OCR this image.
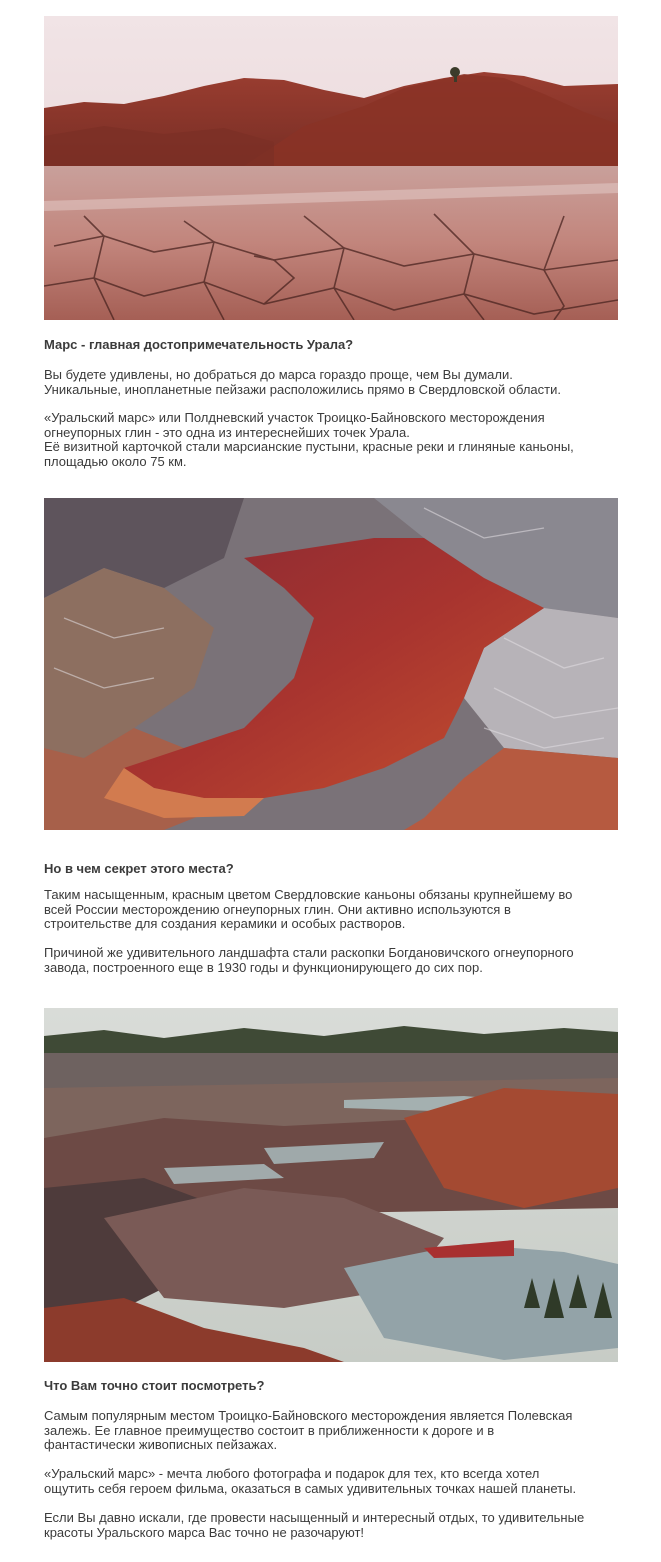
Марс - главная достопримечательность Урала?

Вы будете удивлены, но добраться до марса гораздо проще, чем Вы думали.
Уникальные, инопланетные пейзажи расположились прямо в Свердловской области.

«Уральский марс» или Полдневский участок Троицко-Байновского месторождения
огнеупорных глин - это одна из интереснейших точек Урала.
Её визитной карточкой стали марсианские пустыни, красные реки и глиняные каньоны,
площадью около 75 км.

Но в чем секрет этого места?

Таким насыщенным, красным цветом Свердловские каньоны обязаны крупнейшему во
всей России месторождению огнеупорных глин. Они активно используются в
строительстве для создания керамики и особых растворов.

Причиной же удивительного ландшафта стали раскопки Богдановичского огнеупорного
завода, построенного еще в 1930 годы и функционирующего до сих пор.

Что Вам точно стоит посмотреть?

Самым популярным местом Троицко-Байновского месторождения является Полевская
залежь. Ее главное преимущество состоит в приближенности к дороге и в
фантастически живописных пейзажах.

«Уральский марс» - мечта любого фотографа и подарок для тех, кто всегда хотел
ощутить себя героем фильма, оказаться в самых удивительных точках нашей планеты.

Если Вы давно искали, где провести насыщенный и интересный отдых, то удивительные
красоты Уральского марса Вас точно не разочаруют!
